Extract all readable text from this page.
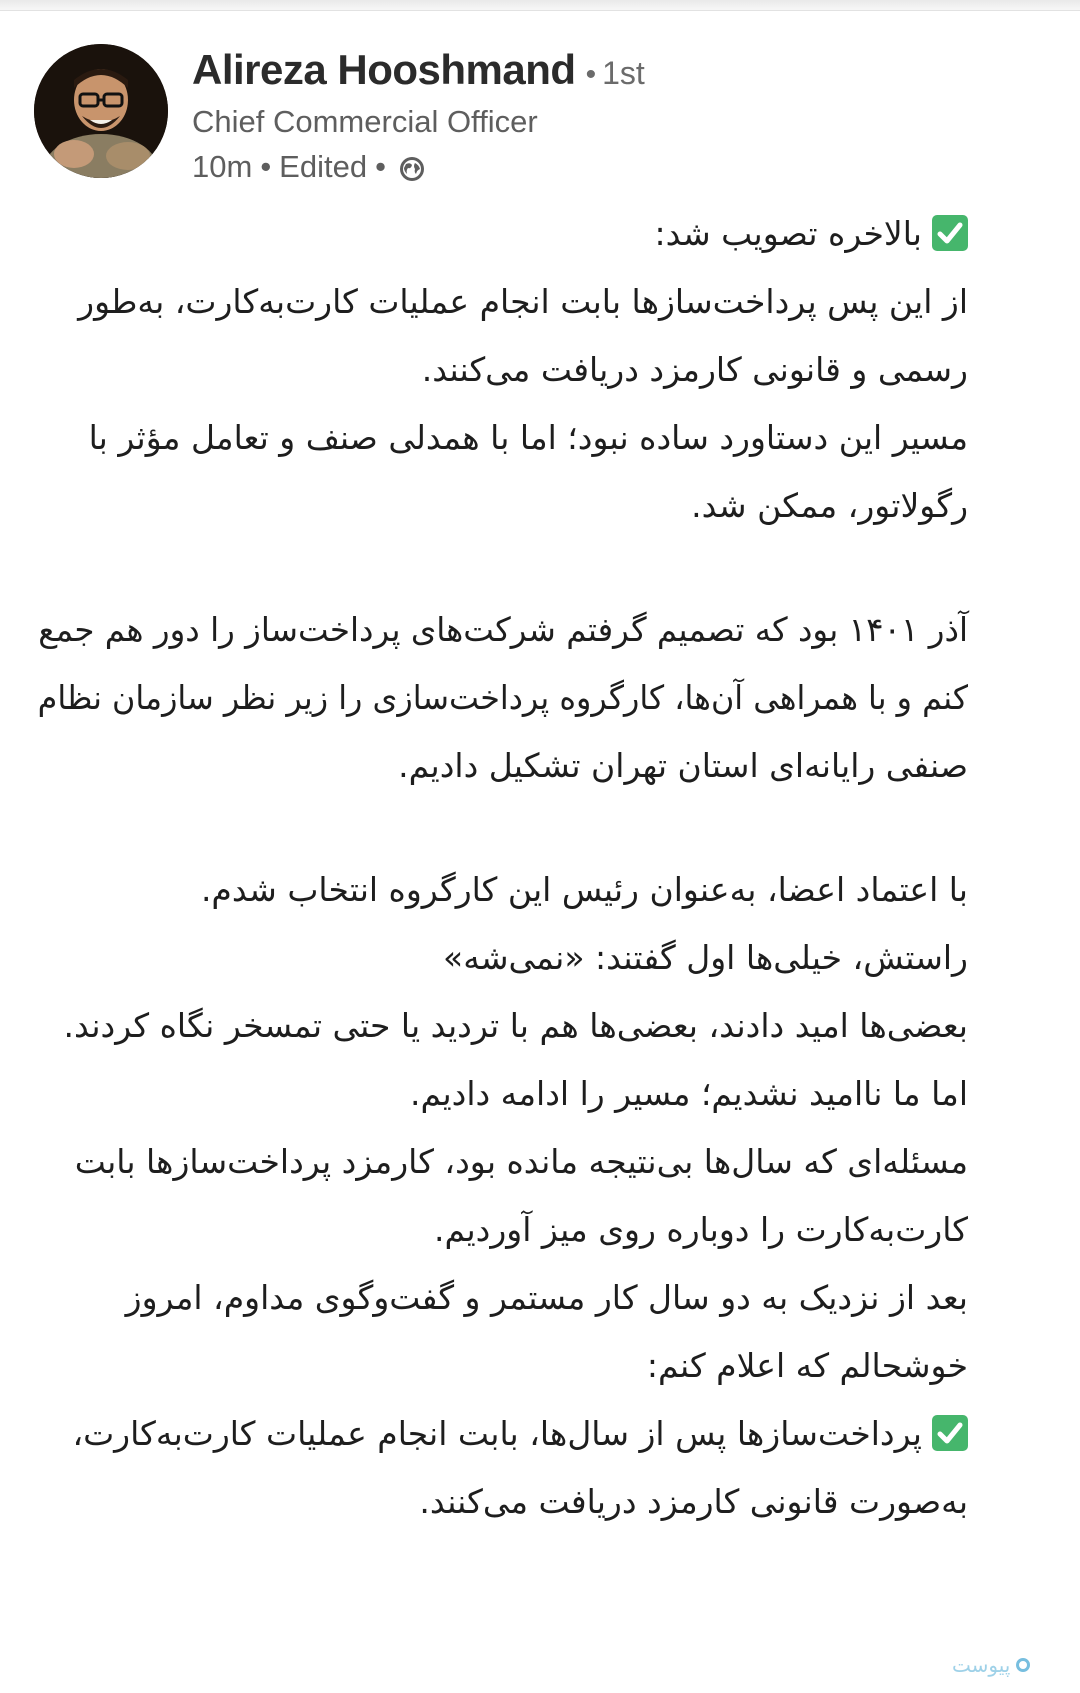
Alireza Hooshmand • 1st
Chief Commercial Officer
10m • Edited •
بالاخره تصویب شد:
از این پس پرداخت‌سازها بابت انجام عملیات کارت‌به‌کارت، به‌طور
رسمی و قانونی کارمزد دریافت می‌کنند.
مسیر این دستاورد ساده نبود؛ اما با همدلی صنف و تعامل مؤثر با
رگولاتور، ممکن شد.
آذر ۱۴۰۱ بود که تصمیم گرفتم شرکت‌های پرداخت‌ساز را دور هم جمع
کنم و با همراهی آن‌ها، کارگروه پرداخت‌سازی را زیر نظر سازمان نظام
صنفی رایانه‌ای استان تهران تشکیل دادیم.
با اعتماد اعضا، به‌عنوان رئیس این کارگروه انتخاب شدم.
راستش، خیلی‌ها اول گفتند: «نمی‌شه»
بعضی‌ها امید دادند، بعضی‌ها هم با تردید یا حتی تمسخر نگاه کردند.
اما ما ناامید نشدیم؛ مسیر را ادامه دادیم.
مسئله‌ای که سال‌ها بی‌نتیجه مانده بود، کارمزد پرداخت‌سازها بابت
کارت‌به‌کارت را دوباره روی میز آوردیم.
بعد از نزدیک به دو سال کار مستمر و گفت‌وگوی مداوم، امروز
خوشحالم که اعلام کنم:
پرداخت‌سازها پس از سال‌ها، بابت انجام عملیات کارت‌به‌کارت،
به‌صورت قانونی کارمزد دریافت می‌کنند.
پیوست
